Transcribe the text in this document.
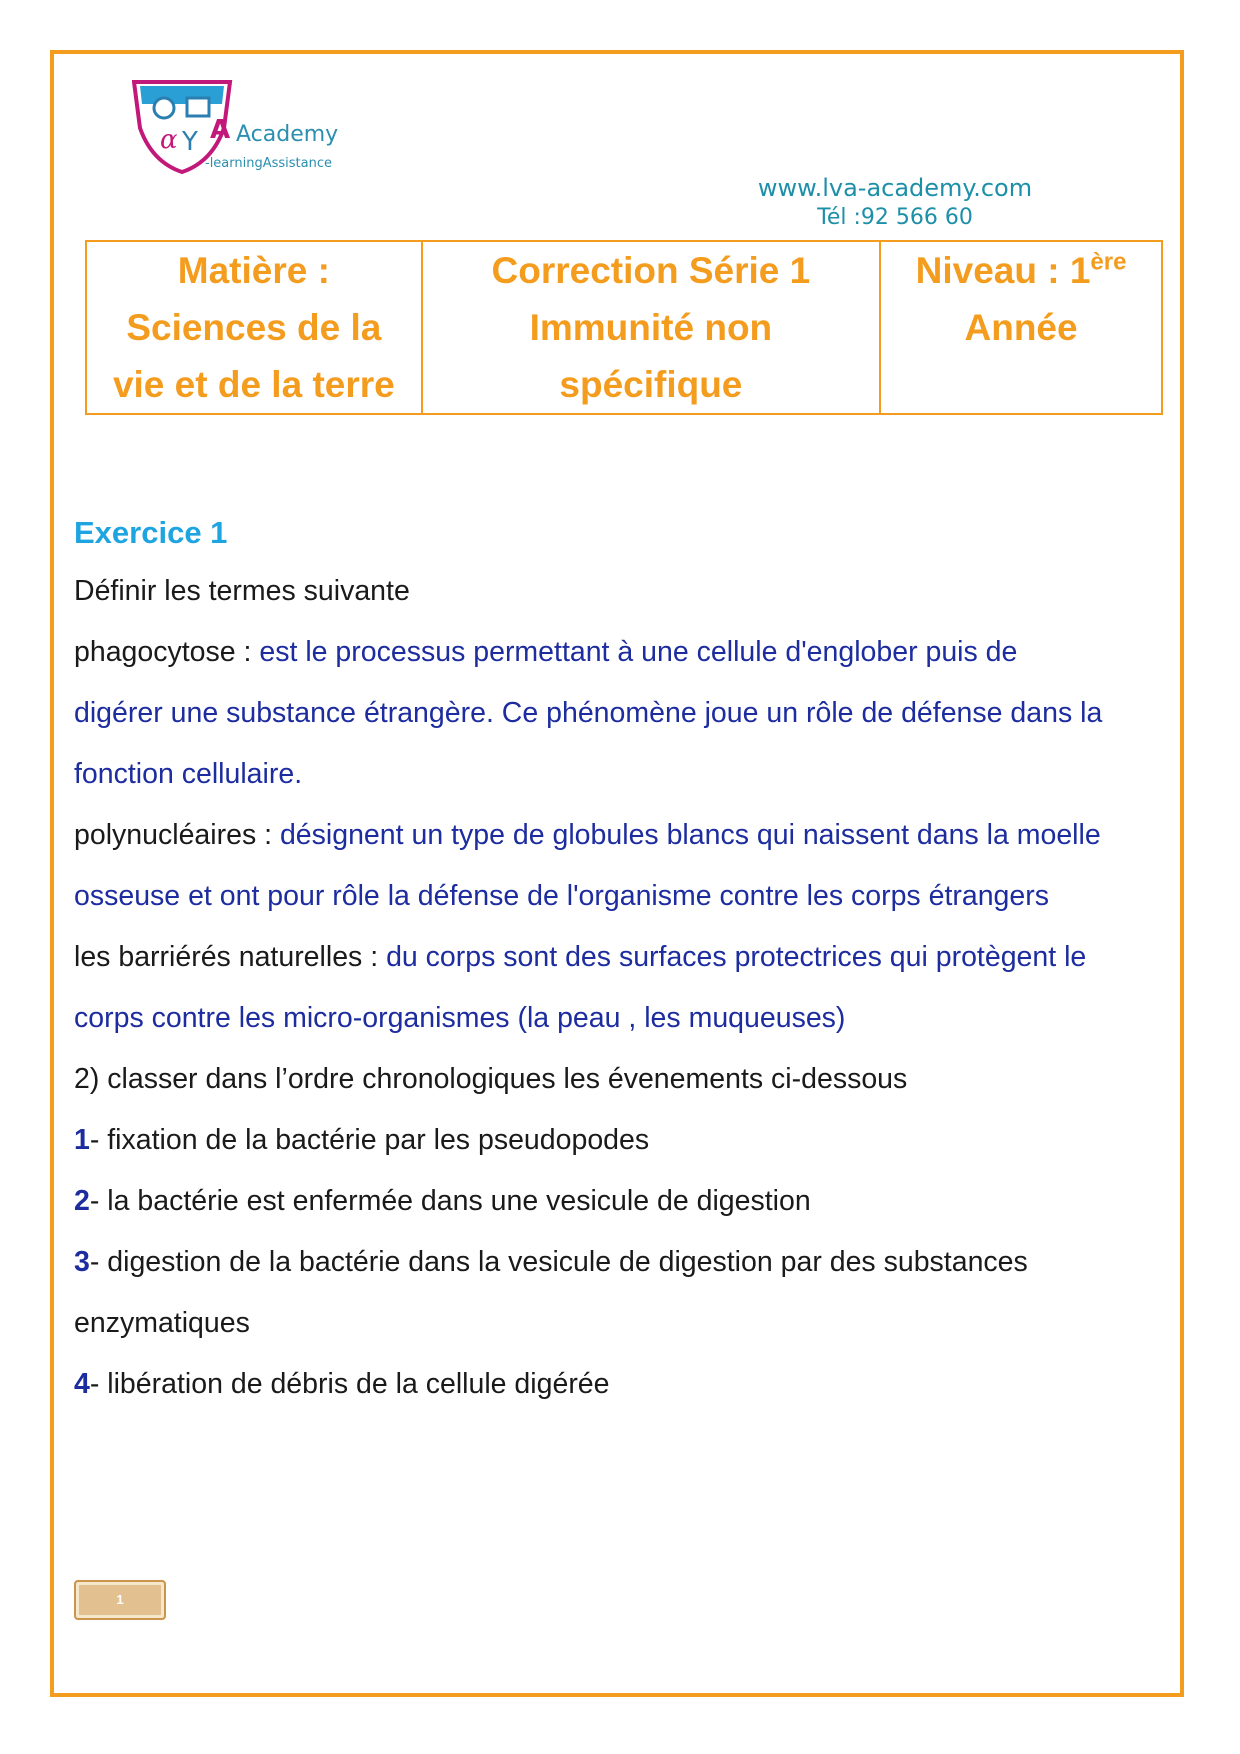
α Y A Academy
-learningAssistance
www.lva-academy.com
Tél :92 566 60
Matière :
Sciences de la
vie et de la terre

Correction Série 1
Immunité non
spécifique

Niveau : 1ère
Année
Exercice 1
Définir les termes suivante
phagocytose : est le processus permettant à une cellule d'englober puis de
digérer une substance étrangère. Ce phénomène joue un rôle de défense dans la
fonction cellulaire.
polynucléaires : désignent un type de globules blancs qui naissent dans la moelle
osseuse et ont pour rôle la défense de l'organisme contre les corps étrangers
les barriérés naturelles : du corps sont des surfaces protectrices qui protègent le
corps contre les micro-organismes (la peau , les muqueuses)
2) classer dans l’ordre chronologiques les évenements ci-dessous
1- fixation de la bactérie par les pseudopodes
2- la bactérie est enfermée dans une vesicule de digestion
3- digestion de la bactérie dans la vesicule de digestion par des substances
enzymatiques
4- libération de débris de la cellule digérée
1
